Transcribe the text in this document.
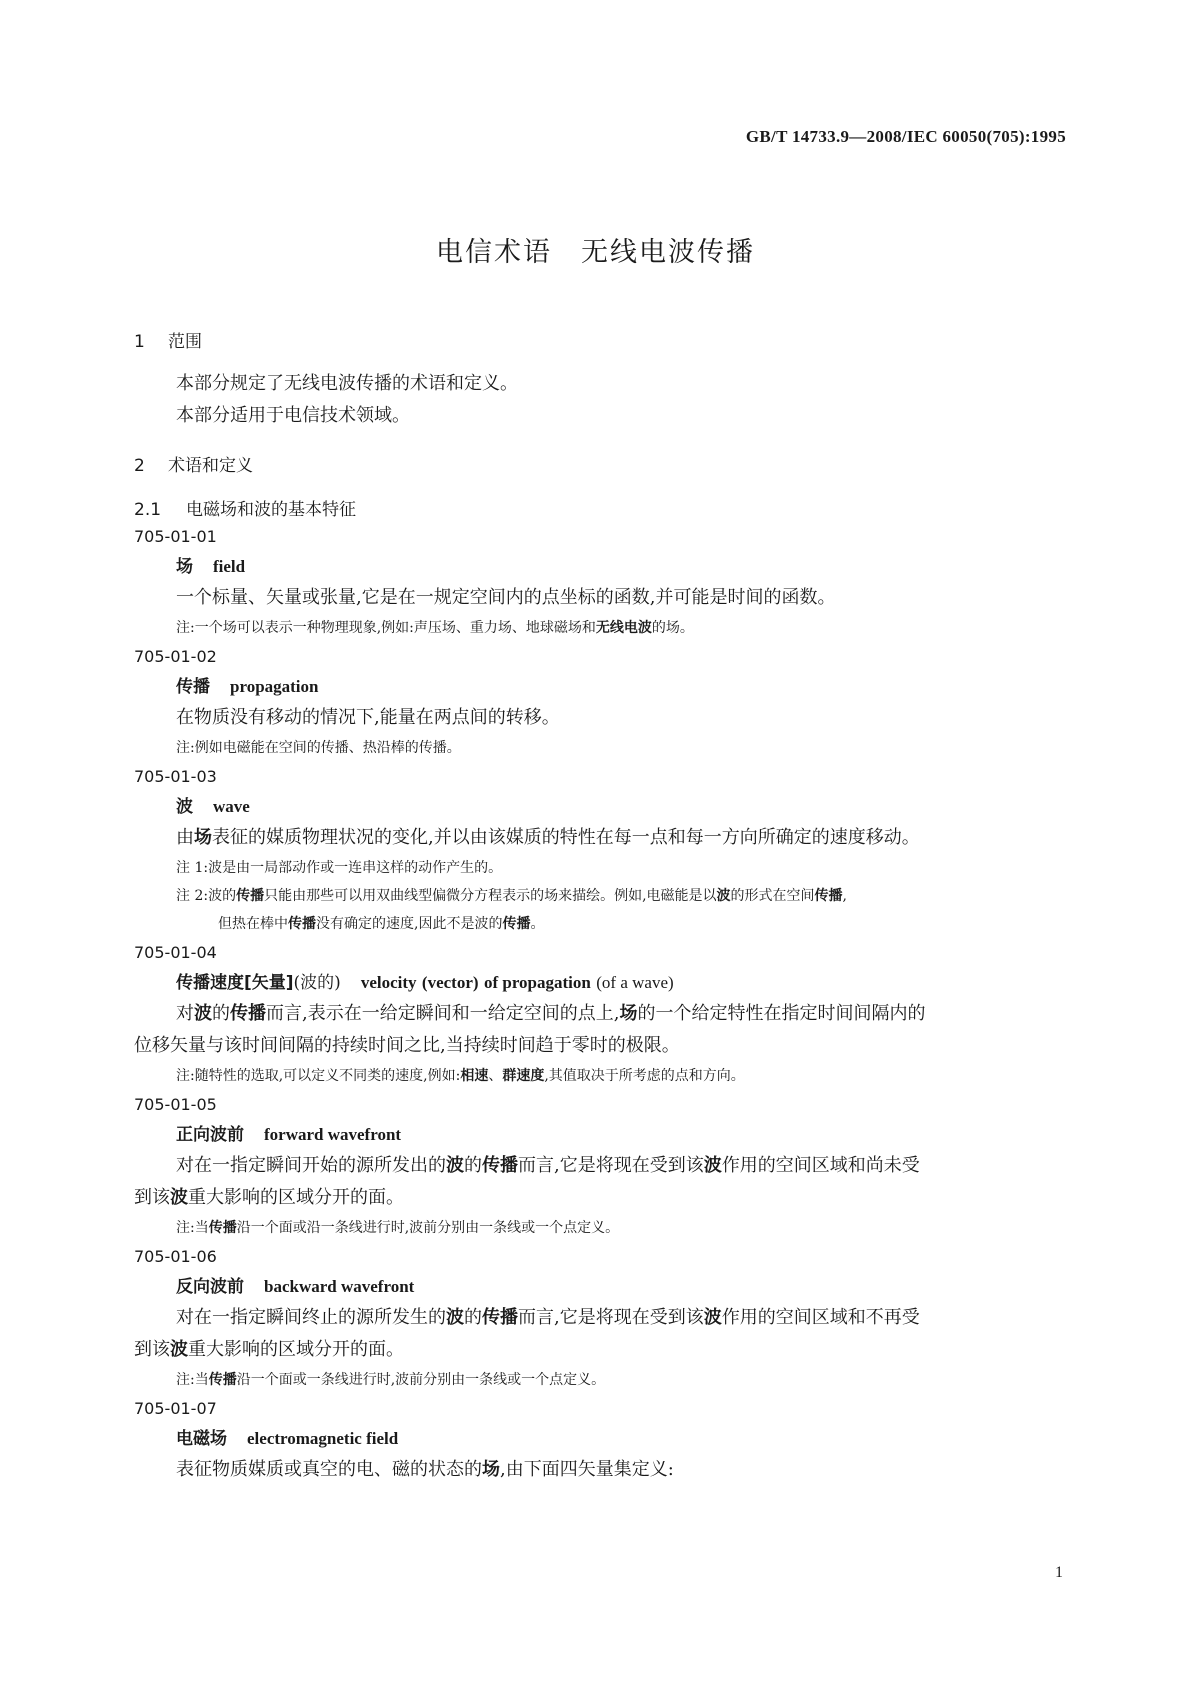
GB/T 14733.9—2008/IEC 60050(705):1995
电信术语　无线电波传播

1 范围

本部分规定了无线电波传播的术语和定义。

本部分适用于电信技术领域。

2 术语和定义

2.1 电磁场和波的基本特征

705-01-01

场 field

一个标量、矢量或张量,它是在一规定空间内的点坐标的函数,并可能是时间的函数。

注:一个场可以表示一种物理现象,例如:声压场、重力场、地球磁场和无线电波的场。

705-01-02

传播 propagation

在物质没有移动的情况下,能量在两点间的转移。

注:例如电磁能在空间的传播、热沿棒的传播。

705-01-03

波 wave

由场表征的媒质物理状况的变化,并以由该媒质的特性在每一点和每一方向所确定的速度移动。

注 1:波是由一局部动作或一连串这样的动作产生的。

注 2:波的传播只能由那些可以用双曲线型偏微分方程表示的场来描绘。例如,电磁能是以波的形式在空间传播,

但热在棒中传播没有确定的速度,因此不是波的传播。

705-01-04

传播速度[矢量](波的) velocity (vector) of propagation (of a wave)

对波的传播而言,表示在一给定瞬间和一给定空间的点上,场的一个给定特性在指定时间间隔内的

位移矢量与该时间间隔的持续时间之比,当持续时间趋于零时的极限。

注:随特性的选取,可以定义不同类的速度,例如:相速、群速度,其值取决于所考虑的点和方向。

705-01-05

正向波前 forward wavefront

对在一指定瞬间开始的源所发出的波的传播而言,它是将现在受到该波作用的空间区域和尚未受

到该波重大影响的区域分开的面。

注:当传播沿一个面或沿一条线进行时,波前分别由一条线或一个点定义。

705-01-06

反向波前 backward wavefront

对在一指定瞬间终止的源所发生的波的传播而言,它是将现在受到该波作用的空间区域和不再受

到该波重大影响的区域分开的面。

注:当传播沿一个面或一条线进行时,波前分别由一条线或一个点定义。

705-01-07

电磁场 electromagnetic field

表征物质媒质或真空的电、磁的状态的场,由下面四矢量集定义:

1
